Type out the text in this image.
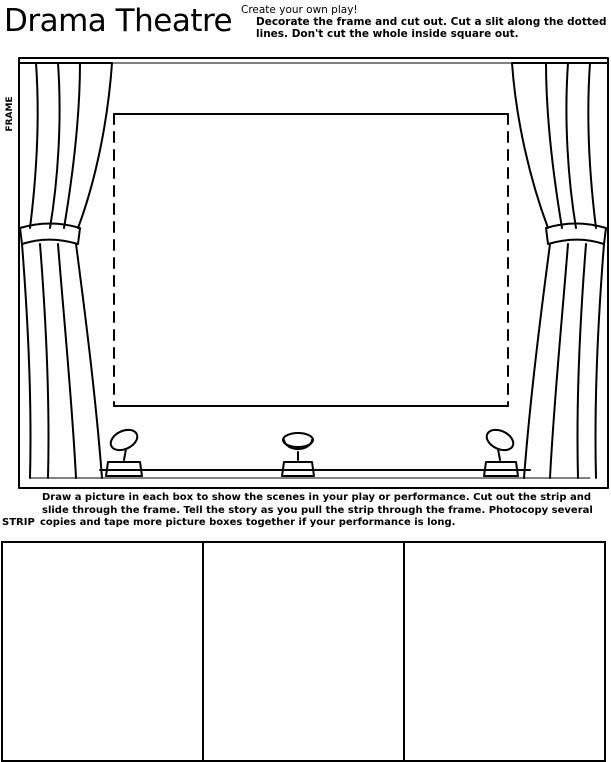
Drama Theatre Create your own play!
Decorate the frame and cut out. Cut a slit along the dotted lines. Don't cut the whole inside square out.
FRAME
Draw a picture in each box to show the scenes in your play or performance. Cut out the strip and
slide through the frame. Tell the story as you pull the strip through the frame. Photocopy several
copies and tape more picture boxes together if your performance is long.
STRIP
